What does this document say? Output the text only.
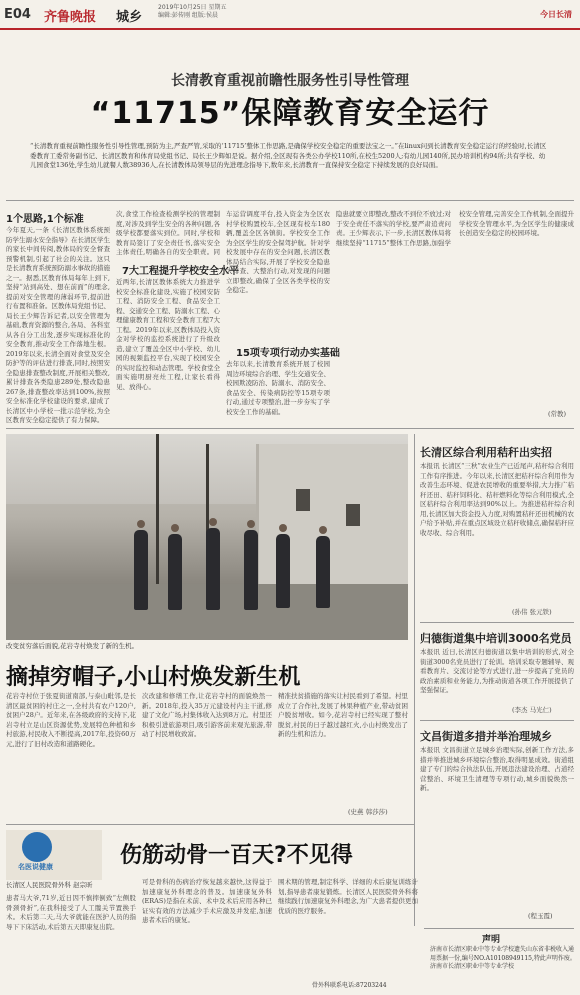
E04 齐鲁晚报 城乡
2019年10月25日 星期五
编辑:彭传刚 组版:侯晨	今日长清
长清教育重视前瞻性服务性引导性管理
“11715”保障教育安全运行
“长清教育重视前瞻性服务性引导性管理,预防为主,严查严管,采取的‘11715’整体工作思路,是确保学校安全稳定的重要法宝之一。”在linux问到长清教育安全稳定运行的经验时,长清区委教育工委常务副书记、长清区教育和体育局党组书记、局长王少辉如是说。据介绍,全区现有各类公办学校110所,在校生5200人;有幼儿园140所,民办培训机构94所;共有学校、幼儿园食堂136处,学生幼儿就餐人数38936人,在长清教体局领导层的先进理念指导下,数年来,长清教育一直保持安全稳定下持续发展的良好局面。
1个思路,1个标准
今年夏天,一条《长清区教体系统预防学生溺水安全指导》在长清区学生的家长中间传阅,教体局的安全督查预警机制,引起了社会的关注。这只是长清教育系统预防溺水事故的措施之一。据悉,区教育体局每年上到下,坚持“站到高处、想在前面”的理念,提前对安全管理的薄弱环节,提前进行布置和准备。区教体局党组书记、局长王少辉告诉记者,以安全管理为基础,教育资源的整合,各局、各科室从各自分工出发,逐步实现标准化的安全教育,推动安全工作落地生根。2019年以来,长清全面对食堂及安全防护等的评估进行排查,同时,按照安全隐患排查整改制度,开展相关整改,累计排查各类隐患289处,整改隐患267条,排查整改率达到100%,按照安全标准化学校建设的要求,建成了长清区中小学校一批示范学校,为全区教育安全稳定提供了有力保障。
次,食堂工作检查检测学校的管理制度,对涉及到学生安全的各种问题,各级学校都要落实到位。同时,学校和教育局签订了安全责任书,落实安全主体责任,明确各自的安全职责。同
7大工程提升学校安全水平
近两年,长清区教体系统大力推进学校安全标准化建设,实施了校园安防工程、消防安全工程、食品安全工程、交通安全工程、防溺水工程、心理健康教育工程和安全教育工程7大工程。2019年以来,区教体局投入资金对学校的监控系统进行了升级改造,建立了覆盖全区中小学校、幼儿园的视频监控平台,实现了校园安全的实时监控和动态管理。学校食堂全面实施明厨亮灶工程,让家长看得见、放得心。
车运营调度平台,投入资金为全区农村学校购置校车,全区现有校车180辆,覆盖全区各镇街。学校安全工作为全区学生的安全保驾护航。针对学校发展中存在的安全问题,长清区教体局结合实际,开展了学校安全隐患大排查、大整治行动,对发现的问题立即整改,确保了全区各类学校的安全稳定。
15项专项行动办实基础
去年以来,长清教育系统开展了校园周边环境综合治理、学生交通安全、校园欺凌防治、防溺水、消防安全、食品安全、传染病防控等15项专项行动,通过专项整治,进一步夯实了学校安全工作的基础。
隐患就要立即整改,整改不到位不放过;对于安全责任不落实的学校,要严肃追责问责。王少辉表示,下一步,长清区教体局将继续坚持“11715”整体工作思路,加强学校安全管理,完善安全工作机制,全面提升学校安全管理水平,为全区学生的健康成长创造安全稳定的校园环境。
(常教)
改变贫穷落后面貌,花岩寺村焕发了新的生机。
摘掉穷帽子,小山村焕发新生机
花岩寺村位于张夏街道南部,与泰山毗邻,是长清区最贫困的村庄之一,全村共有农户120户,贫困户28户。近年来,在各级政府的支持下,花岩寺村立足山区资源优势,发展特色种植和乡村旅游,村民收入不断提高,2017年,投资60万元,进行了旧村改造和道路硬化。
次改建和修缮工作,让花岩寺村的面貌焕然一新。2018年,投入35万元建设村内主干道,修建了文化广场,村集体收入达到8万元。村里还积极引进旅游项目,吸引游客前来观光旅游,带动了村民增收致富。
精准扶贫措施的落实让村民看到了希望。村里成立了合作社,发展了林果种植产业,带动贫困户脱贫增收。如今,花岩寺村已经实现了整村脱贫,村民的日子越过越红火,小山村焕发出了新的生机和活力。
(史燕 韩莎莎)
长清区综合利用秸秆出实招
本报讯 长清区“三秋”农业生产已近尾声,秸秆综合利用工作有序推进。今年以来,长清区把秸秆综合利用作为改善生态环境、促进农民增收的重要举措,大力推广秸秆还田、秸秆饲料化、秸秆燃料化等综合利用模式,全区秸秆综合利用率达到90%以上。为推进秸秆综合利用,长清区加大资金投入力度,对购置秸秆还田机械的农户给予补贴,并在重点区域设立秸秆收储点,确保秸秆应收尽收、综合利用。
(孙伟 张元铁)
归德街道集中培训3000名党员
本报讯 近日,长清区归德街道以集中培训的形式,对全街道3000名党员进行了轮训。培训采取专题辅导、观看教育片、交流讨论等方式进行,进一步提高了党员的政治素质和业务能力,为推动街道各项工作开展提供了坚强保证。
(李杰 马光仁)
文昌街道多措并举治理城乡
本报讯 文昌街道立足城乡治理实际,创新工作方法,多措并举推进城乡环境综合整治,取得明显成效。街道组建了专门的综合执法队伍,开展违法建设治理、占道经营整治、环境卫生清理等专项行动,城乡面貌焕然一新。
(程玉霞)
名医说健康
长清区人民医院骨外科 赵宗昕
伤筋动骨一百天?不见得
患者马大爷,71岁,近日因不慎摔倒致“左侧股骨颈骨折”,在我科接受了人工髋关节置换手术。术后第二天,马大爷就能在医护人员的指导下下床活动,术后第五天即康复出院。
可是骨科的伤病治疗恢复越来越快,这得益于加速康复外科理念的普及。加速康复外科(ERAS)是指在术前、术中及术后应用各种已证实有效的方法减少手术应激及并发症,加速患者术后的康复。
围术期的管理,制定科学、详细的术后康复训练计划,指导患者康复锻炼。长清区人民医院骨外科将继续践行加速康复外科理念,为广大患者提供更加优质的医疗服务。
骨外科联系电话:87203244
声明
济南市长清区职业中等专业学校遗失山东省非税收入通用票据一份,编号NO.A10108949115,特此声明作废。济南市长清区职业中等专业学校
